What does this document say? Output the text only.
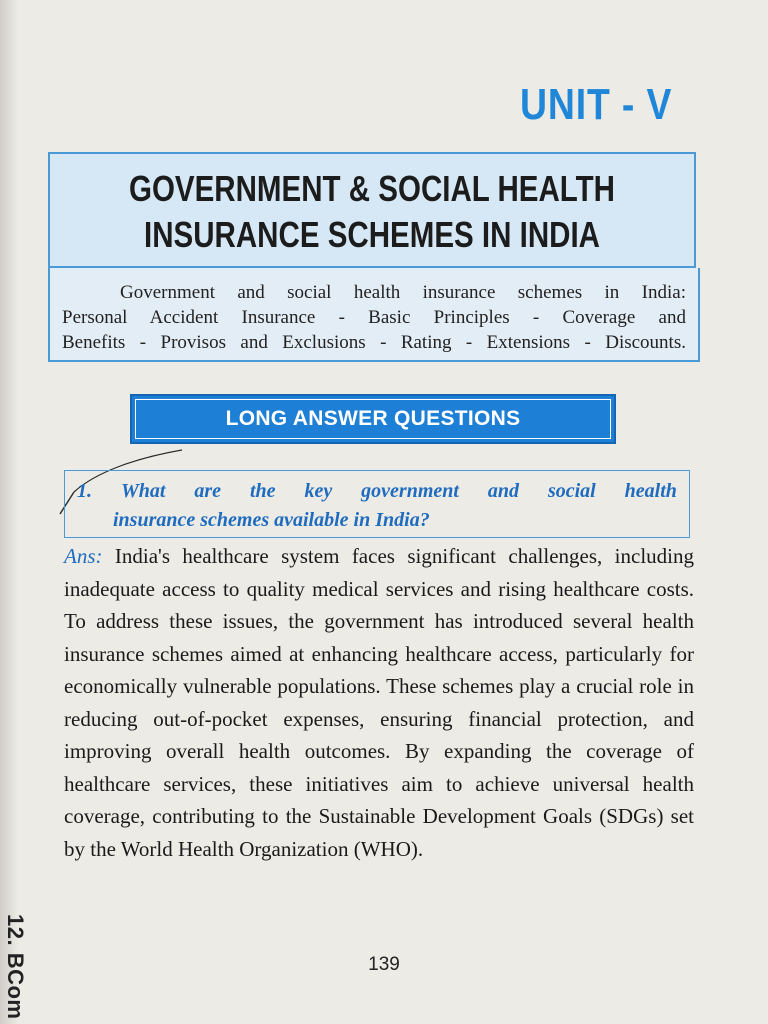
UNIT - V
GOVERNMENT & SOCIAL HEALTH
INSURANCE SCHEMES IN INDIA
Government and social health insurance schemes in India:
Personal Accident Insurance - Basic Principles - Coverage and
Benefits - Provisos and Exclusions - Rating - Extensions - Discounts.
LONG ANSWER QUESTIONS
1. What are the key government and social health
insurance schemes available in India?
Ans: India's healthcare system faces significant challenges, including inadequate access to quality medical services and rising healthcare costs. To address these issues, the government has introduced several health insurance schemes aimed at enhancing healthcare access, particularly for economically vulnerable populations. These schemes play a crucial role in reducing out-of-pocket expenses, ensuring financial protection, and improving overall health outcomes. By expanding the coverage of healthcare services, these initiatives aim to achieve universal health coverage, contributing to the Sustainable Development Goals (SDGs) set by the World Health Organization (WHO).
139
12. BCom
